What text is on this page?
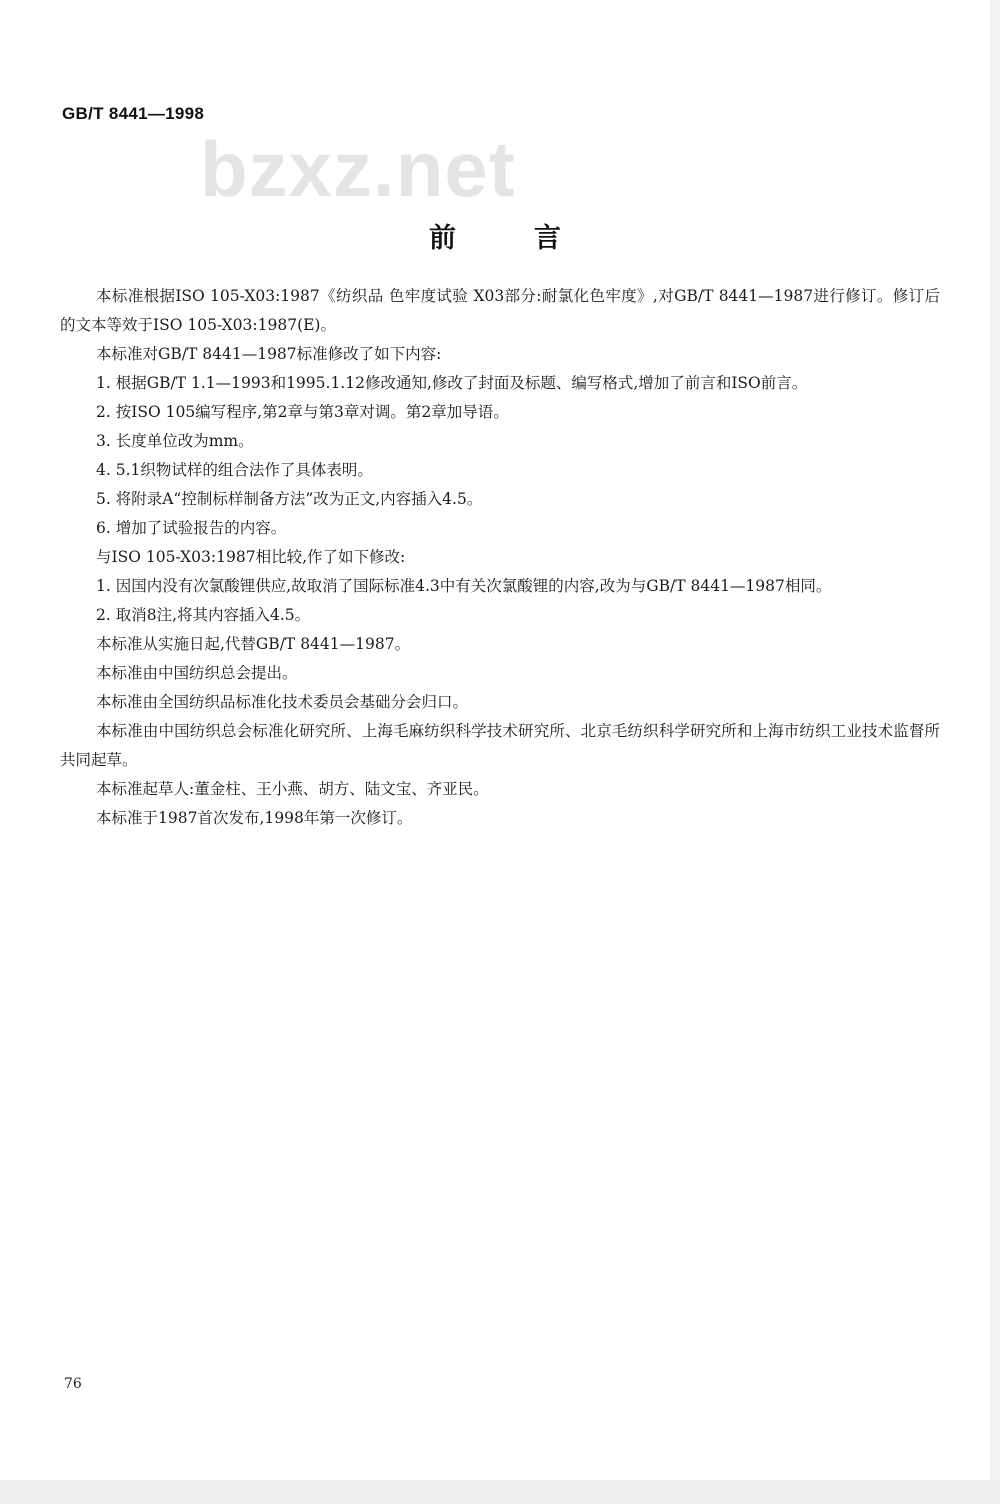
GB/T 8441—1998
bzxz.net
前言

本标准根据ISO 105-X03:1987《纺织品 色牢度试验 X03部分:耐氯化色牢度》,对GB/T 8441—1987进行修订。修订后的文本等效于ISO 105-X03:1987(E)。

本标准对GB/T 8441—1987标准修改了如下内容:

1. 根据GB/T 1.1—1993和1995.1.12修改通知,修改了封面及标题、编写格式,增加了前言和ISO前言。

2. 按ISO 105编写程序,第2章与第3章对调。第2章加导语。

3. 长度单位改为mm。

4. 5.1织物试样的组合法作了具体表明。

5. 将附录A“控制标样制备方法”改为正文,内容插入4.5。

6. 增加了试验报告的内容。

与ISO 105-X03:1987相比较,作了如下修改:

1. 因国内没有次氯酸锂供应,故取消了国际标准4.3中有关次氯酸锂的内容,改为与GB/T 8441—1987相同。

2. 取消8注,将其内容插入4.5。

本标准从实施日起,代替GB/T 8441—1987。

本标准由中国纺织总会提出。

本标准由全国纺织品标准化技术委员会基础分会归口。

本标准由中国纺织总会标准化研究所、上海毛麻纺织科学技术研究所、北京毛纺织科学研究所和上海市纺织工业技术监督所共同起草。

本标准起草人:董金柱、王小燕、胡方、陆文宝、齐亚民。

本标准于1987首次发布,1998年第一次修订。

76
